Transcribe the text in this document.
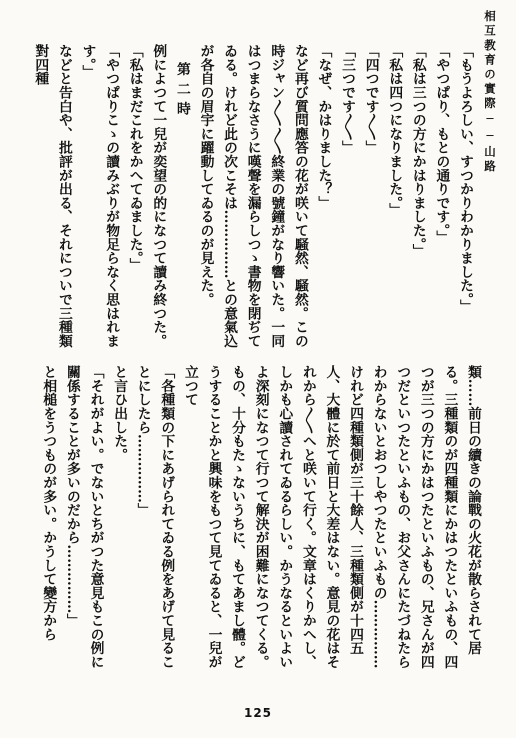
相互教育の實際──山路

「もうよろしい、すつかりわかりました。」

「やつぱり、もとの通りです。」

「私は三つの方にかはりました。」

「私は四つになりました。」

「四つです〳〵」

「三つです〳〵」

「なぜ、かはりました？」

など再び質問應答の花が咲いて騒然、騒然。この時ジャン〳〵〳〵終業の號鐘がなり響いた。一同はつまらなさうに嘆聲を漏らしつゝ書物を閉ぢてゐる。けれど此の次こそは……………との意氣込が各自の眉宇に躍動してゐるのが見えた。

第二時

例によつて一兒が奕望の的になつて讀み終つた。

「私はまだこれをかへてゐました。」

「やつぱりこゝの讀みぶりが物足らなく思はれます。」

などと告白や、批評が出る、それについで三種類對四種

類……前日の續きの論戰の火花が散らされて居る。三種類のが四種類にかはつたといふもの、四つが三つの方にかはつたといふもの、兄さんが四つだといつたといふもの、お父さんにたづねたらわからないとおつしやつたといふもの……………けれど四種類側が三十餘人、三種類側が十四五人、大體に於て前日と大差はない。意見の花はそれから〳〵へと咲いて行く。文章はくりかへし、しかも心讀されてゐるらしい。かうなるといよいよ深刻になつて行つて解決が困難になつてくる。もの、十分もたゝないうちに、もてあまし體。どうすることかと興味をもつて見てゐると、一兒が立つて

「各種類の下にあげられてゐる例をあげて見ることにしたら……………」

と言ひ出した。

「それがよい。でないとちがつた意見もこの例に關係することが多いのだから……………」

と相槌をうつものが多い。かうして變方から

125
